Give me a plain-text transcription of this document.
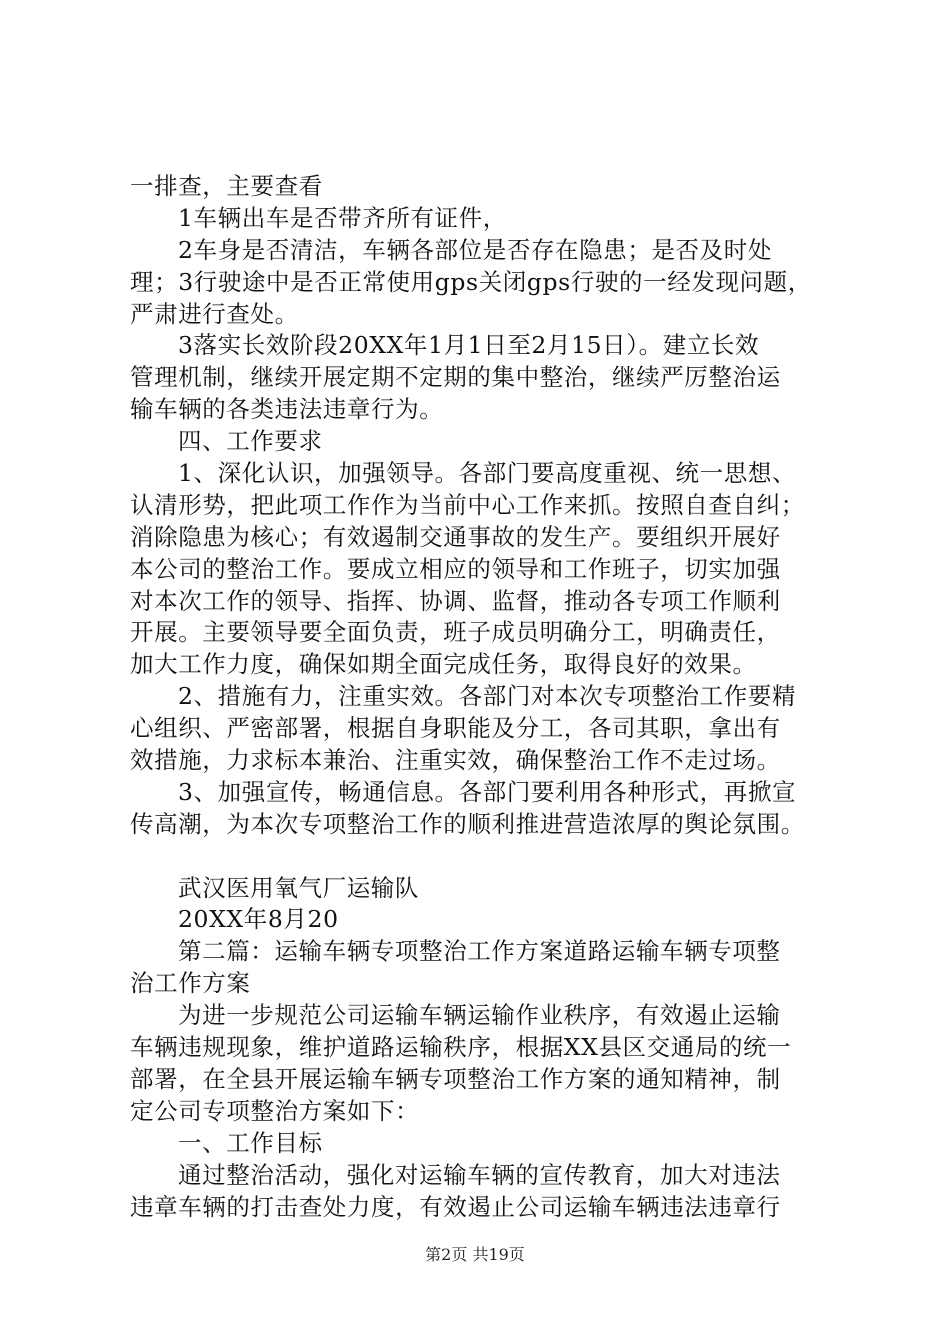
一排查，主要查看
1车辆出车是否带齐所有证件，
2车身是否清洁，车辆各部位是否存在隐患；是否及时处
理；3行驶途中是否正常使用gps关闭gps行驶的一经发现问题，
严肃进行查处。
3落实长效阶段20XX年1月1日至2月15日）。建立长效
管理机制，继续开展定期不定期的集中整治，继续严厉整治运
输车辆的各类违法违章行为。
四、工作要求
1、深化认识，加强领导。各部门要高度重视、统一思想、
认清形势，把此项工作作为当前中心工作来抓。按照自查自纠；
消除隐患为核心；有效遏制交通事故的发生产。要组织开展好
本公司的整治工作。要成立相应的领导和工作班子，切实加强
对本次工作的领导、指挥、协调、监督，推动各专项工作顺利
开展。主要领导要全面负责，班子成员明确分工，明确责任，
加大工作力度，确保如期全面完成任务，取得良好的效果。
2、措施有力，注重实效。各部门对本次专项整治工作要精
心组织、严密部署，根据自身职能及分工，各司其职，拿出有
效措施，力求标本兼治、注重实效，确保整治工作不走过场。
3、加强宣传，畅通信息。各部门要利用各种形式，再掀宣
传高潮，为本次专项整治工作的顺利推进营造浓厚的舆论氛围。
武汉医用氧气厂运输队
20XX年8月20
第二篇：运输车辆专项整治工作方案道路运输车辆专项整
治工作方案
为进一步规范公司运输车辆运输作业秩序，有效遏止运输
车辆违规现象，维护道路运输秩序，根据XX县区交通局的统一
部署，在全县开展运输车辆专项整治工作方案的通知精神，制
定公司专项整治方案如下：
一、工作目标
通过整治活动，强化对运输车辆的宣传教育，加大对违法
违章车辆的打击查处力度，有效遏止公司运输车辆违法违章行
第2页 共19页
